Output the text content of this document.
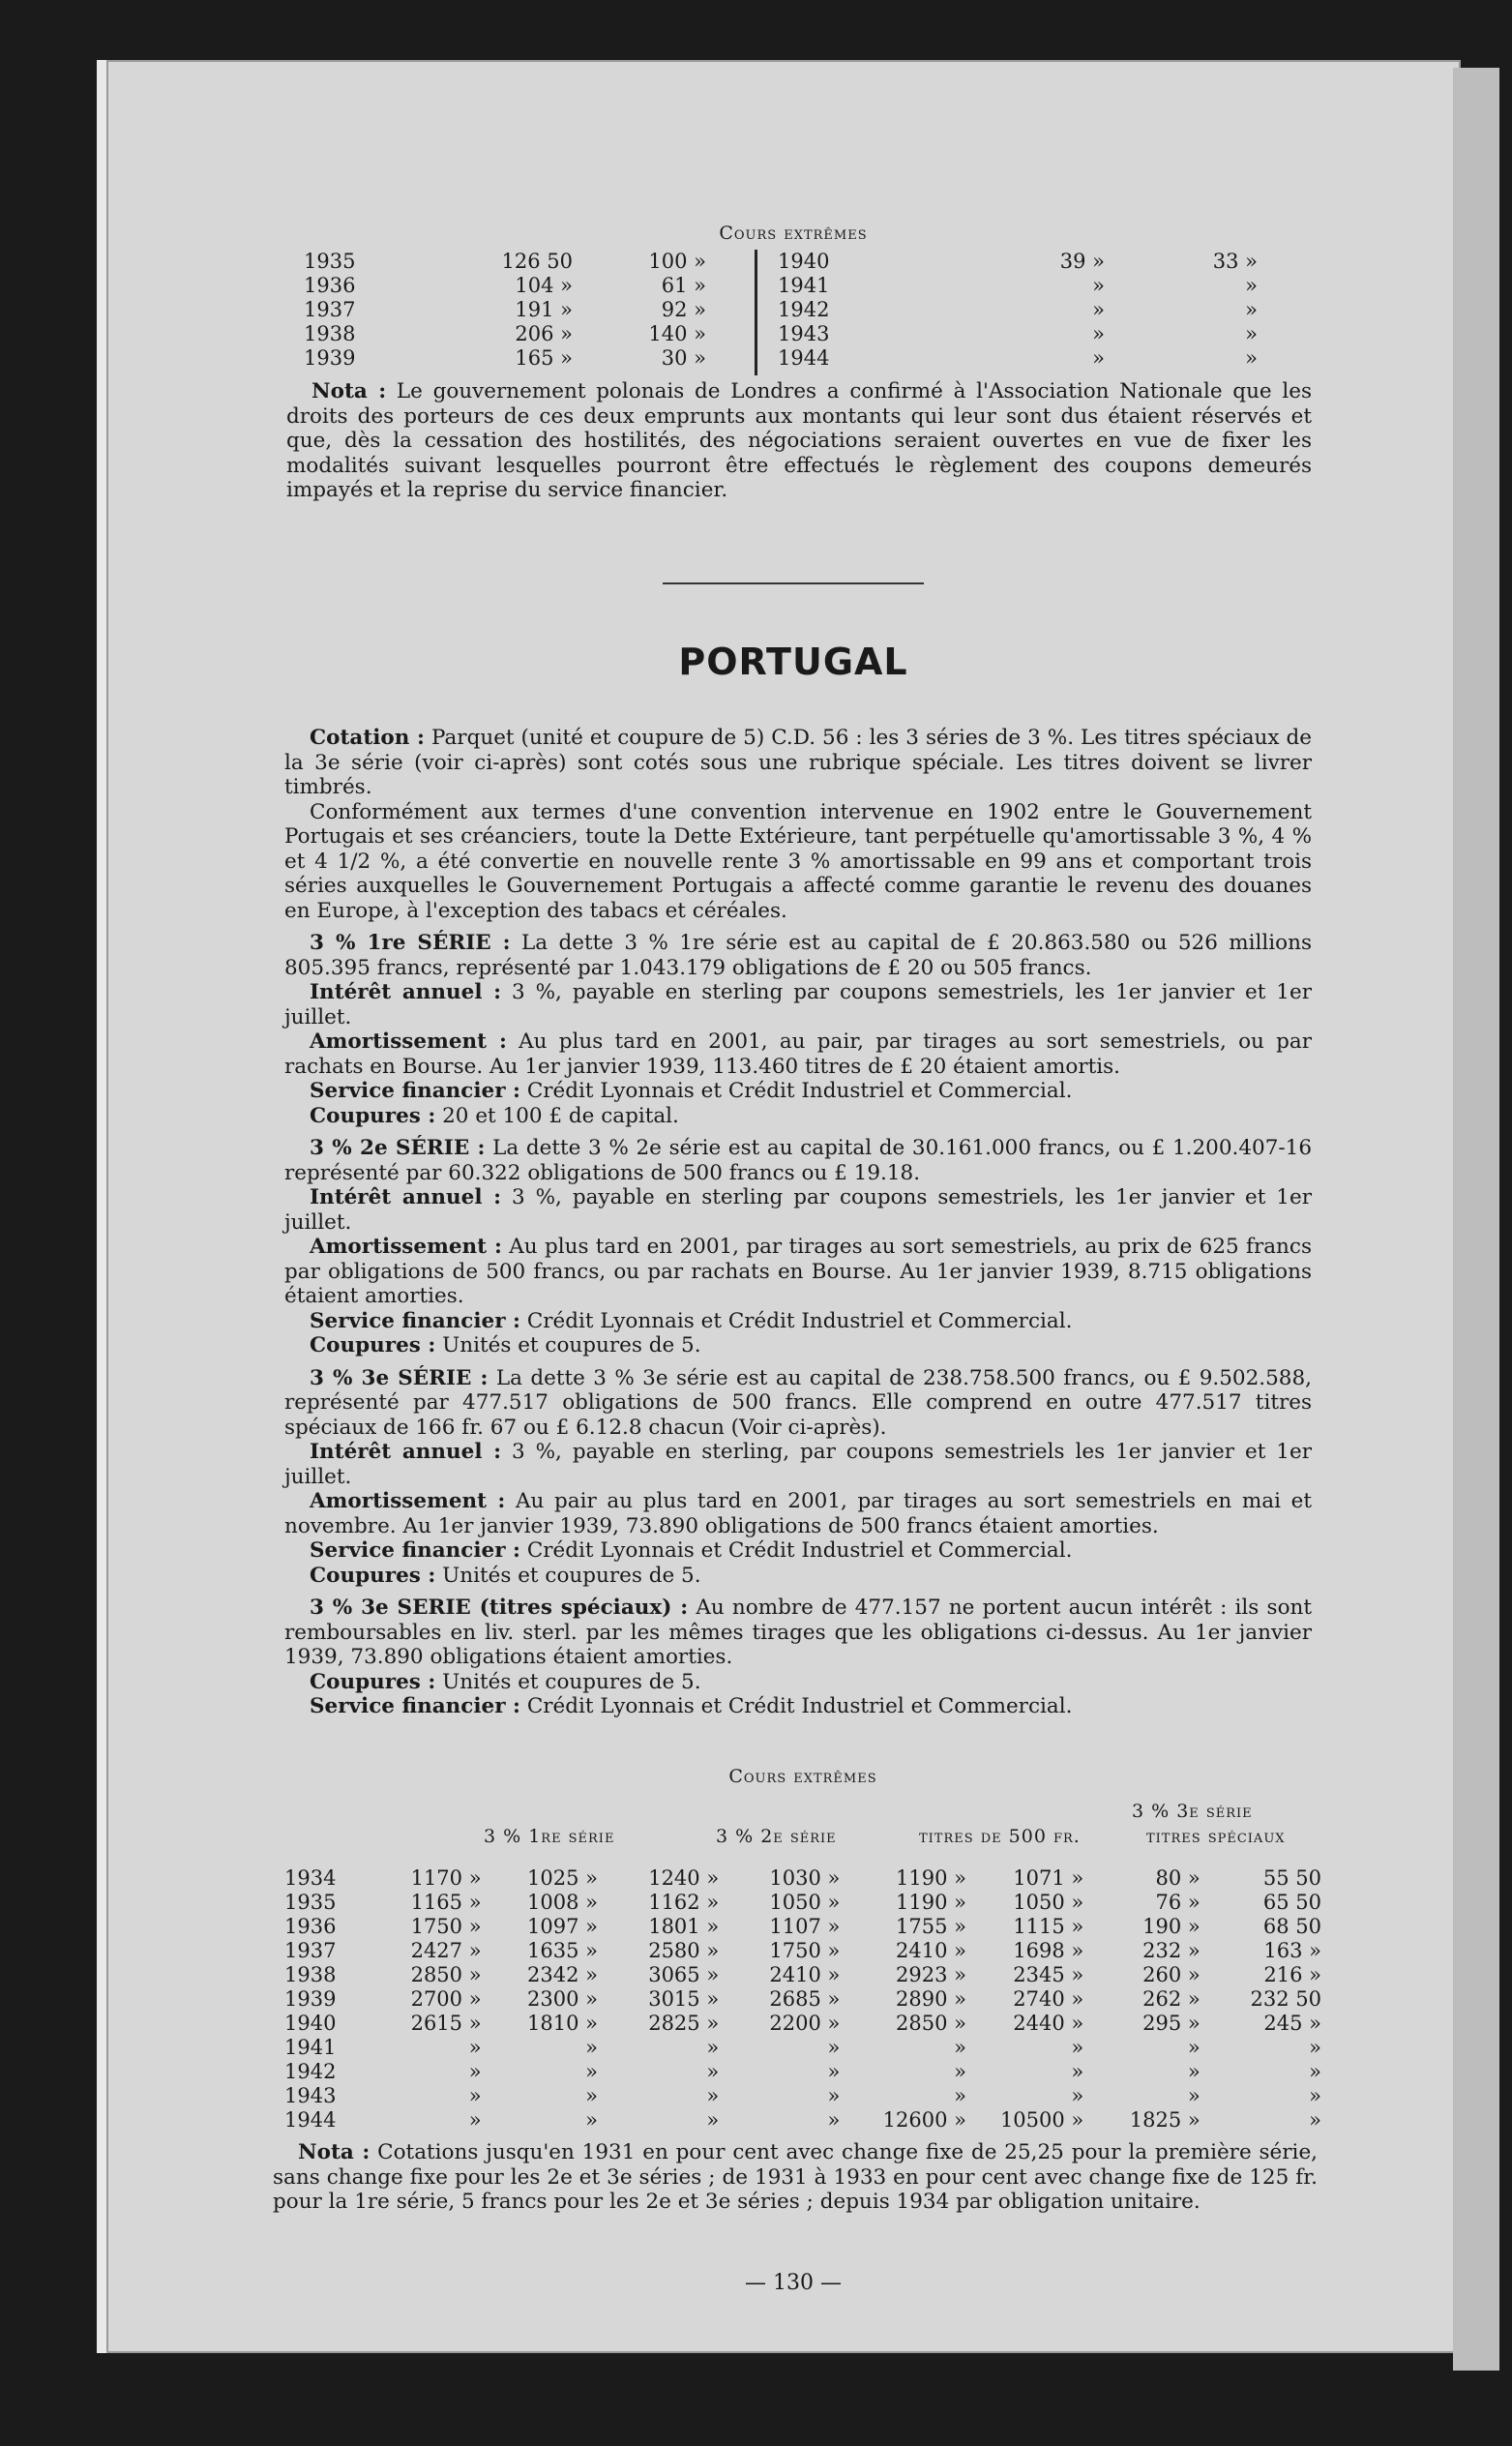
Cours extrêmes
1935	126 50	100 »
1936	104 »	61 »
1937	191 »	92 »
1938	206 »	140 »
1939	165 »	30 »
1940	39 »	33 »
1941	»	»
1942	»	»
1943	»	»
1944	»	»

Nota : Le gouvernement polonais de Londres a confirmé à l'Association Nationale que les droits des porteurs de ces deux emprunts aux montants qui leur sont dus étaient réservés et que, dès la cessation des hostilités, des négociations seraient ouvertes en vue de fixer les modalités suivant lesquelles pourront être effectués le règlement des coupons demeurés impayés et la reprise du service financier.

PORTUGAL

Cotation : Parquet (unité et coupure de 5) C.D. 56 : les 3 séries de 3 %. Les titres spéciaux de la 3e série (voir ci-après) sont cotés sous une rubrique spéciale. Les titres doivent se livrer timbrés.

Conformément aux termes d'une convention intervenue en 1902 entre le Gouvernement Portugais et ses créanciers, toute la Dette Extérieure, tant perpétuelle qu'amortissable 3 %, 4 % et 4 1/2 %, a été convertie en nouvelle rente 3 % amortissable en 99 ans et comportant trois séries auxquelles le Gouvernement Portugais a affecté comme garantie le revenu des douanes en Europe, à l'exception des tabacs et céréales.

3 % 1re SÉRIE : La dette 3 % 1re série est au capital de £ 20.863.580 ou 526 millions 805.395 francs, représenté par 1.043.179 obligations de £ 20 ou 505 francs.

Intérêt annuel : 3 %, payable en sterling par coupons semestriels, les 1er janvier et 1er juillet.

Amortissement : Au plus tard en 2001, au pair, par tirages au sort semestriels, ou par rachats en Bourse. Au 1er janvier 1939, 113.460 titres de £ 20 étaient amortis.

Service financier : Crédit Lyonnais et Crédit Industriel et Commercial.

Coupures : 20 et 100 £ de capital.

3 % 2e SÉRIE : La dette 3 % 2e série est au capital de 30.161.000 francs, ou £ 1.200.407-16 représenté par 60.322 obligations de 500 francs ou £ 19.18.

Intérêt annuel : 3 %, payable en sterling par coupons semestriels, les 1er janvier et 1er juillet.

Amortissement : Au plus tard en 2001, par tirages au sort semestriels, au prix de 625 francs par obligations de 500 francs, ou par rachats en Bourse. Au 1er janvier 1939, 8.715 obligations étaient amorties.

Service financier : Crédit Lyonnais et Crédit Industriel et Commercial.

Coupures : Unités et coupures de 5.

3 % 3e SÉRIE : La dette 3 % 3e série est au capital de 238.758.500 francs, ou £ 9.502.588, représenté par 477.517 obligations de 500 francs. Elle comprend en outre 477.517 titres spéciaux de 166 fr. 67 ou £ 6.12.8 chacun (Voir ci-après).

Intérêt annuel : 3 %, payable en sterling, par coupons semestriels les 1er janvier et 1er juillet.

Amortissement : Au pair au plus tard en 2001, par tirages au sort semestriels en mai et novembre. Au 1er janvier 1939, 73.890 obligations de 500 francs étaient amorties.

Service financier : Crédit Lyonnais et Crédit Industriel et Commercial.

Coupures : Unités et coupures de 5.

3 % 3e SERIE (titres spéciaux) : Au nombre de 477.157 ne portent aucun intérêt : ils sont remboursables en liv. sterl. par les mêmes tirages que les obligations ci-dessus. Au 1er janvier 1939, 73.890 obligations étaient amorties.

Coupures : Unités et coupures de 5.

Service financier : Crédit Lyonnais et Crédit Industriel et Commercial.

Cours extrêmes
3 % 3e série
3 % 1re série	3 % 2e série	titres de 500 fr.	titres spéciaux
1934	1170 »	1025 »	1240 »	1030 »	1190 »	1071 »	80 »	55 50
1935	1165 »	1008 »	1162 »	1050 »	1190 »	1050 »	76 »	65 50
1936	1750 »	1097 »	1801 »	1107 »	1755 »	1115 »	190 »	68 50
1937	2427 »	1635 »	2580 »	1750 »	2410 »	1698 »	232 »	163 »
1938	2850 »	2342 »	3065 »	2410 »	2923 »	2345 »	260 »	216 »
1939	2700 »	2300 »	3015 »	2685 »	2890 »	2740 »	262 »	232 50
1940	2615 »	1810 »	2825 »	2200 »	2850 »	2440 »	295 »	245 »
1941	»	»	»	»	»	»	»	»
1942	»	»	»	»	»	»	»	»
1943	»	»	»	»	»	»	»	»
1944	»	»	»	»	12600 »	10500 »	1825 »	»

Nota : Cotations jusqu'en 1931 en pour cent avec change fixe de 25,25 pour la première série, sans change fixe pour les 2e et 3e séries ; de 1931 à 1933 en pour cent avec change fixe de 125 fr. pour la 1re série, 5 francs pour les 2e et 3e séries ; depuis 1934 par obligation unitaire.

— 130 —
